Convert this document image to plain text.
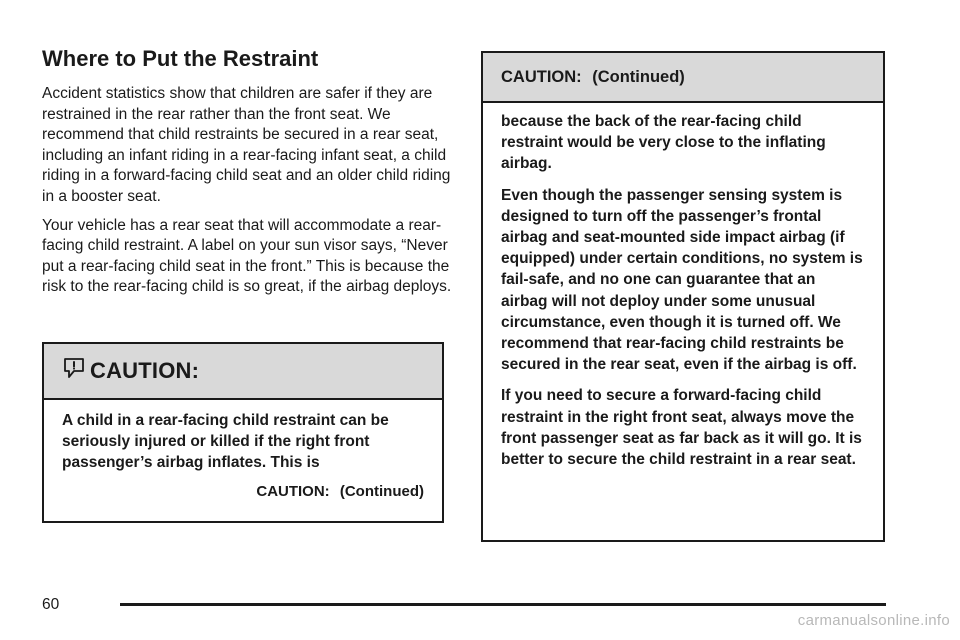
Where to Put the Restraint

Accident statistics show that children are safer if they are restrained in the rear rather than the front seat. We recommend that child restraints be secured in a rear seat, including an infant riding in a rear-facing infant seat, a child riding in a forward-facing child seat and an older child riding in a booster seat.

Your vehicle has a rear seat that will accommodate a rear-facing child restraint. A label on your sun visor says, “Never put a rear-facing child seat in the front.” This is because the risk to the rear-facing child is so great, if the airbag deploys.

CAUTION:
A child in a rear-facing child restraint can be seriously injured or killed if the right front passenger’s airbag inflates. This is
CAUTION: (Continued)
CAUTION: (Continued)

because the back of the rear-facing child restraint would be very close to the inflating airbag.

Even though the passenger sensing system is designed to turn off the passenger’s frontal airbag and seat-mounted side impact airbag (if equipped) under certain conditions, no system is fail-safe, and no one can guarantee that an airbag will not deploy under some unusual circumstance, even though it is turned off. We recommend that rear-facing child restraints be secured in the rear seat, even if the airbag is off.

If you need to secure a forward-facing child restraint in the right front seat, always move the front passenger seat as far back as it will go. It is better to secure the child restraint in a rear seat.

60
carmanualsonline.info
